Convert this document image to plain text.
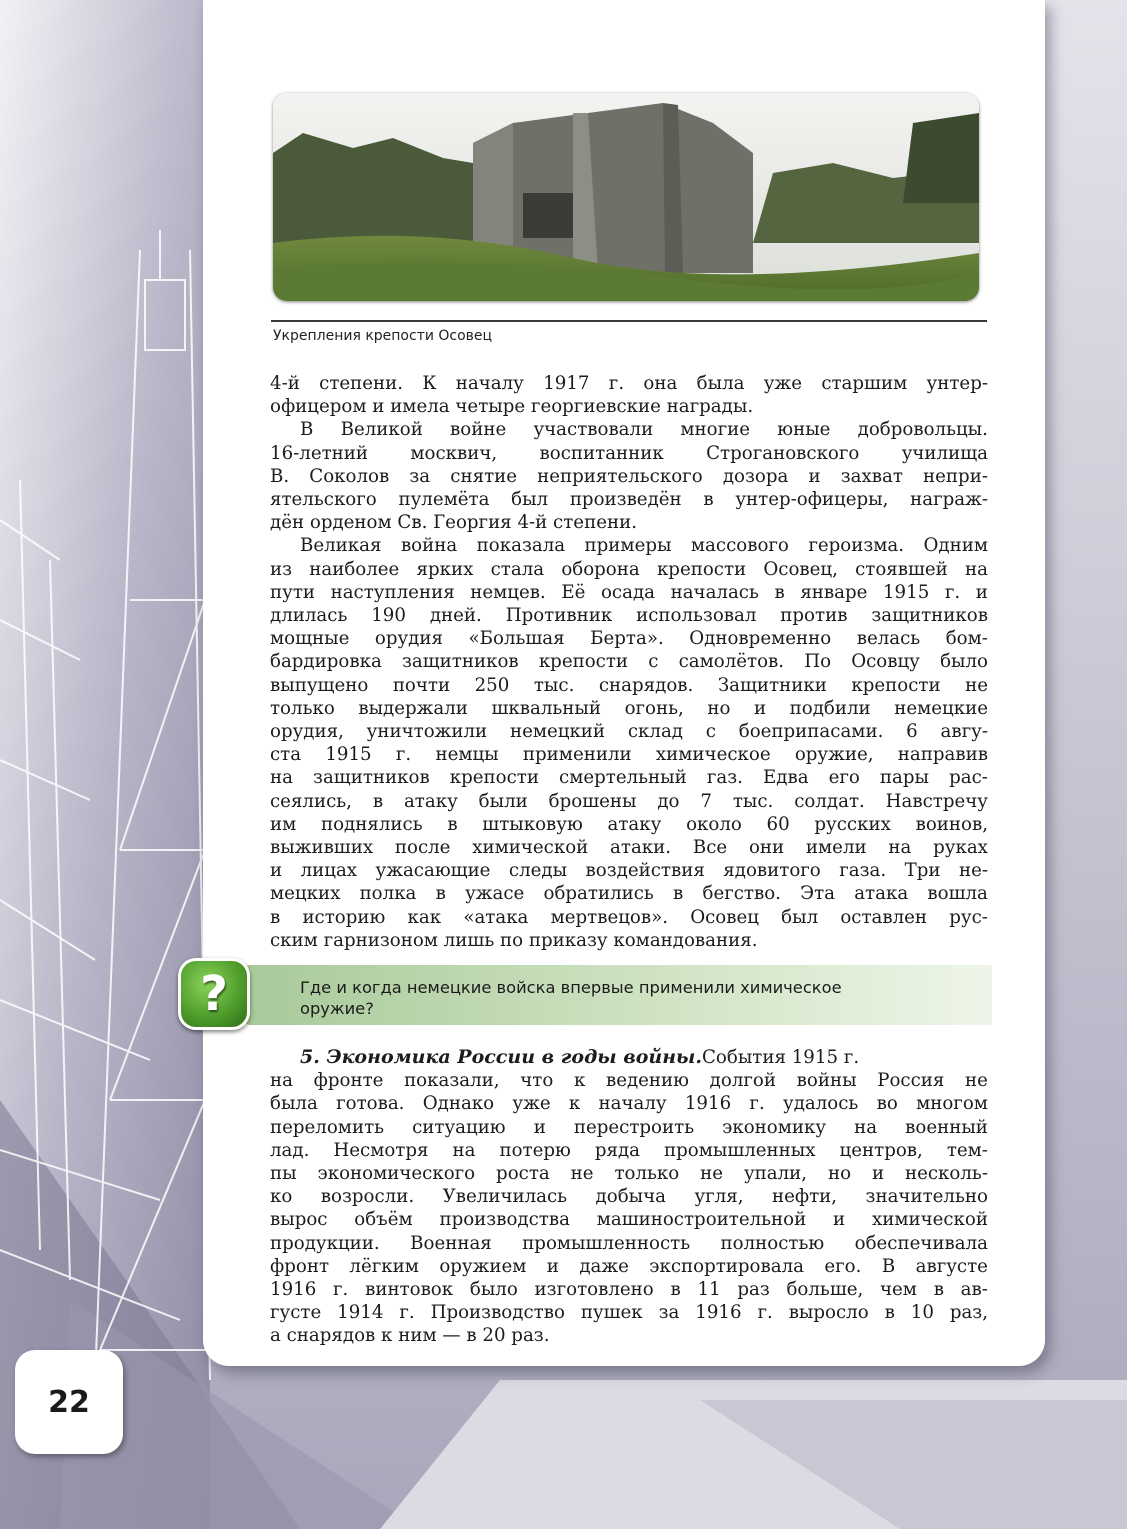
Укрепления крепости Осовец
4-й степени. К началу 1917 г. она была уже старшим унтер-
офицером и имела четыре георгиевские награды.
В Великой войне участвовали многие юные добровольцы.
16-летний москвич, воспитанник Строгановского училища
В. Соколов за снятие неприятельского дозора и захват непри-
ятельского пулемёта был произведён в унтер-офицеры, награж-
дён орденом Св. Георгия 4-й степени.
Великая война показала примеры массового героизма. Одним
из наиболее ярких стала оборона крепости Осовец, стоявшей на
пути наступления немцев. Её осада началась в январе 1915 г. и
длилась 190 дней. Противник использовал против защитников
мощные орудия «Большая Берта». Одновременно велась бом-
бардировка защитников крепости с самолётов. По Осовцу было
выпущено почти 250 тыс. снарядов. Защитники крепости не
только выдержали шквальный огонь, но и подбили немецкие
орудия, уничтожили немецкий склад с боеприпасами. 6 авгу-
ста 1915 г. немцы применили химическое оружие, направив
на защитников крепости смертельный газ. Едва его пары рас-
сеялись, в атаку были брошены до 7 тыс. солдат. Навстречу
им поднялись в штыковую атаку около 60 русских воинов,
выживших после химической атаки. Все они имели на руках
и лицах ужасающие следы воздействия ядовитого газа. Три не-
мецких полка в ужасе обратились в бегство. Эта атака вошла
в историю как «атака мертвецов». Осовец был оставлен рус-
ским гарнизоном лишь по приказу командования.
?	Где и когда немецкие войска впервые применили химическое
оружие?
5. Экономика России в годы войны.События 1915 г.
на фронте показали, что к ведению долгой войны Россия не
была готова. Однако уже к началу 1916 г. удалось во многом
переломить ситуацию и перестроить экономику на военный
лад. Несмотря на потерю ряда промышленных центров, тем-
пы экономического роста не только не упали, но и несколь-
ко возросли. Увеличилась добыча угля, нефти, значительно
вырос объём производства машиностроительной и химической
продукции. Военная промышленность полностью обеспечивала
фронт лёгким оружием и даже экспортировала его. В августе
1916 г. винтовок было изготовлено в 11 раз больше, чем в ав-
густе 1914 г. Производство пушек за 1916 г. выросло в 10 раз,
а снарядов к ним — в 20 раз.
22
